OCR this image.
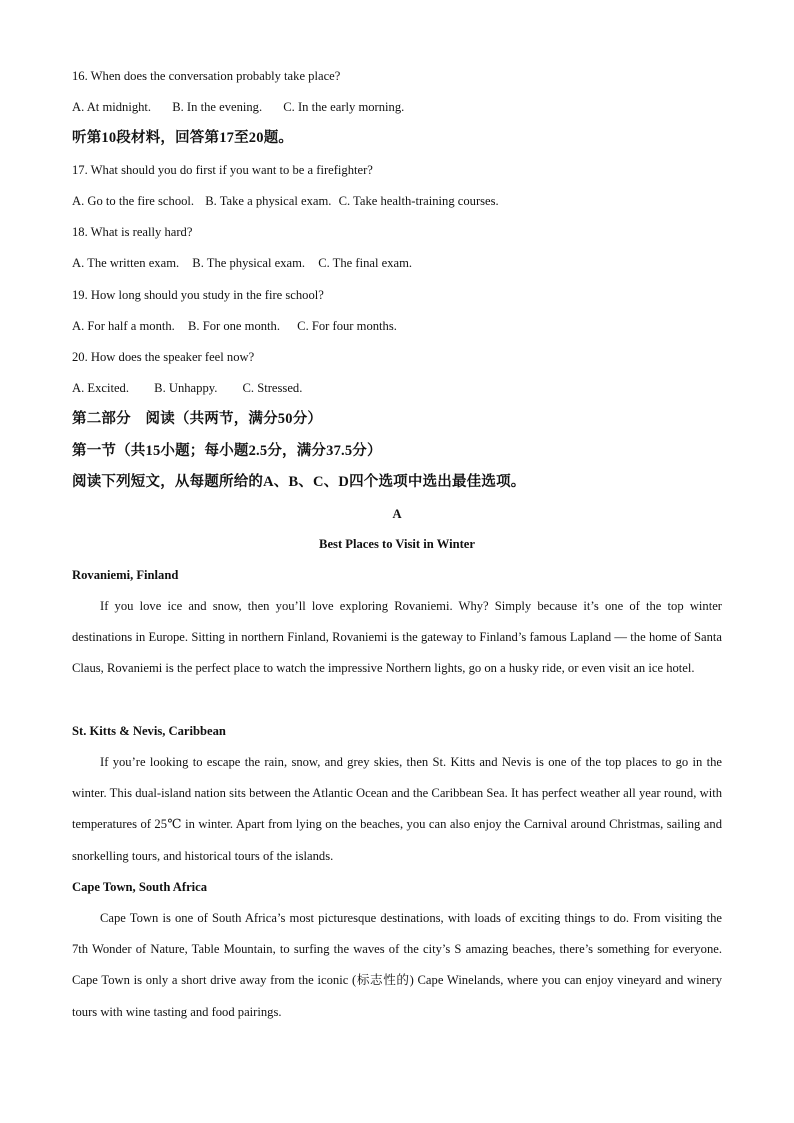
16. When does the conversation probably take place?
A. At midnight. B. In the evening. C. In the early morning.
听第10段材料，回答第17至20题。
17. What should you do first if you want to be a firefighter?
A. Go to the fire school. B. Take a physical exam. C. Take health-training courses.
18. What is really hard?
A. The written exam. B. The physical exam. C. The final exam.
19. How long should you study in the fire school?
A. For half a month. B. For one month. C. For four months.
20. How does the speaker feel now?
A. Excited. B. Unhappy. C. Stressed.
第二部分　阅读（共两节，满分50分）
第一节（共15小题；每小题2.5分，满分37.5分）
阅读下列短文，从每题所给的A、B、C、D四个选项中选出最佳选项。
A
Best Places to Visit in Winter
Rovaniemi, Finland
If you love ice and snow, then you’ll love exploring Rovaniemi. Why? Simply because it’s one of the top winter destinations in Europe. Sitting in northern Finland, Rovaniemi is the gateway to Finland’s famous Lapland — the home of Santa Claus, Rovaniemi is the perfect place to watch the impressive Northern lights, go on a husky ride, or even visit an ice hotel.
St. Kitts & Nevis, Caribbean
If you’re looking to escape the rain, snow, and grey skies, then St. Kitts and Nevis is one of the top places to go in the winter. This dual-island nation sits between the Atlantic Ocean and the Caribbean Sea. It has perfect weather all year round, with temperatures of 25℃ in winter. Apart from lying on the beaches, you can also enjoy the Carnival around Christmas, sailing and snorkelling tours, and historical tours of the islands.
Cape Town, South Africa
Cape Town is one of South Africa’s most picturesque destinations, with loads of exciting things to do. From visiting the 7th Wonder of Nature, Table Mountain, to surfing the waves of the city’s S amazing beaches, there’s something for everyone. Cape Town is only a short drive away from the iconic (标志性的) Cape Winelands, where you can enjoy vineyard and winery tours with wine tasting and food pairings.
